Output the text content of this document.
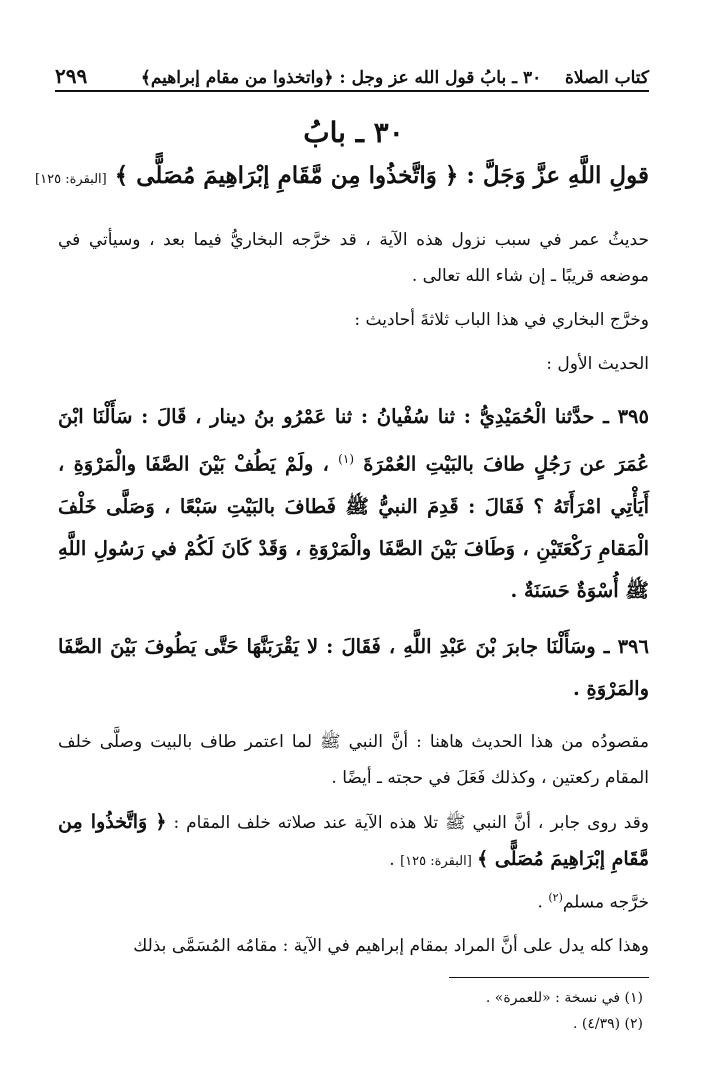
كتاب الصلاة    ٣٠ ـ بابُ قول الله عز وجل : ﴿واتخذوا من مقام إبراهيم﴾
٢٩٩
٣٠ ـ بابُ
قولِ اللَّهِ عزَّ وَجَلَّ : ﴿ وَاتَّخذُوا مِن مَّقَامِ إبْرَاهِيمَ مُصَلًّى ﴾ [البقرة: ١٢٥]

حديثُ عمر في سبب نزول هذه الآية ، قد خرَّجه البخاريُّ فيما بعد ، وسيأتي في موضعه قريبًا ـ إن شاء الله تعالى .

وخرَّج البخاري في هذا الباب ثلاثةَ أحاديث :

الحديث الأول :

٣٩٥ ـ حدَّثنا الْحُمَيْدِيُّ : ثنا سُفْيانُ : ثنا عَمْرُو بنُ دينار ، قَالَ : سَأَلْنَا ابْنَ عُمَرَ عن رَجُلٍ طافَ بالبَيْتِ العُمْرَةَ $^{(١)}$ ، ولَمْ يَطُفْ بَيْنَ الصَّفَا والْمَرْوَةِ ، أَيَأْتِي امْرَأَتَهُ ؟ فَقَالَ : قَدِمَ النبيُّ ﷺ فَطافَ بالبَيْتِ سَبْعًا ، وَصَلَّى خَلْفَ الْمَقامِ رَكْعَتَيْنِ ، وَطَافَ بَيْنَ الصَّفَا والْمَرْوَةِ ، وَقَدْ كَانَ لَكُمْ في رَسُولِ اللَّهِ ﷺ أُسْوَةٌ حَسَنَةٌ .

٣٩٦ ـ وسَأَلْنَا جابرَ بْنَ عَبْدِ اللَّهِ ، فَقَالَ : لا يَقْرَبَنَّهَا حَتَّى يَطُوفَ بَيْنَ الصَّفَا والمَرْوَةِ .

مقصودُه من هذا الحديث هاهنا : أنَّ النبي ﷺ لما اعتمر طاف بالبيت وصلَّى خلف المقام ركعتين ، وكذلك فَعَلَ في حجته ـ أيضًا .

وقد روى جابر ، أنَّ النبي ﷺ تلا هذه الآية عند صلاته خلف المقام : ﴿ وَاتَّخذُوا مِن مَّقَامِ إبْرَاهِيمَ مُصَلًّى ﴾ [البقرة: ١٢٥] .

خرَّجه مسلم$^{(٢)}$ .

وهذا كله يدل على أنَّ المراد بمقام إبراهيم في الآية : مقامُه المُسَمَّى بذلك

(١) في نسخة : «للعمرة» .
(٢) (٤/٣٩) .
